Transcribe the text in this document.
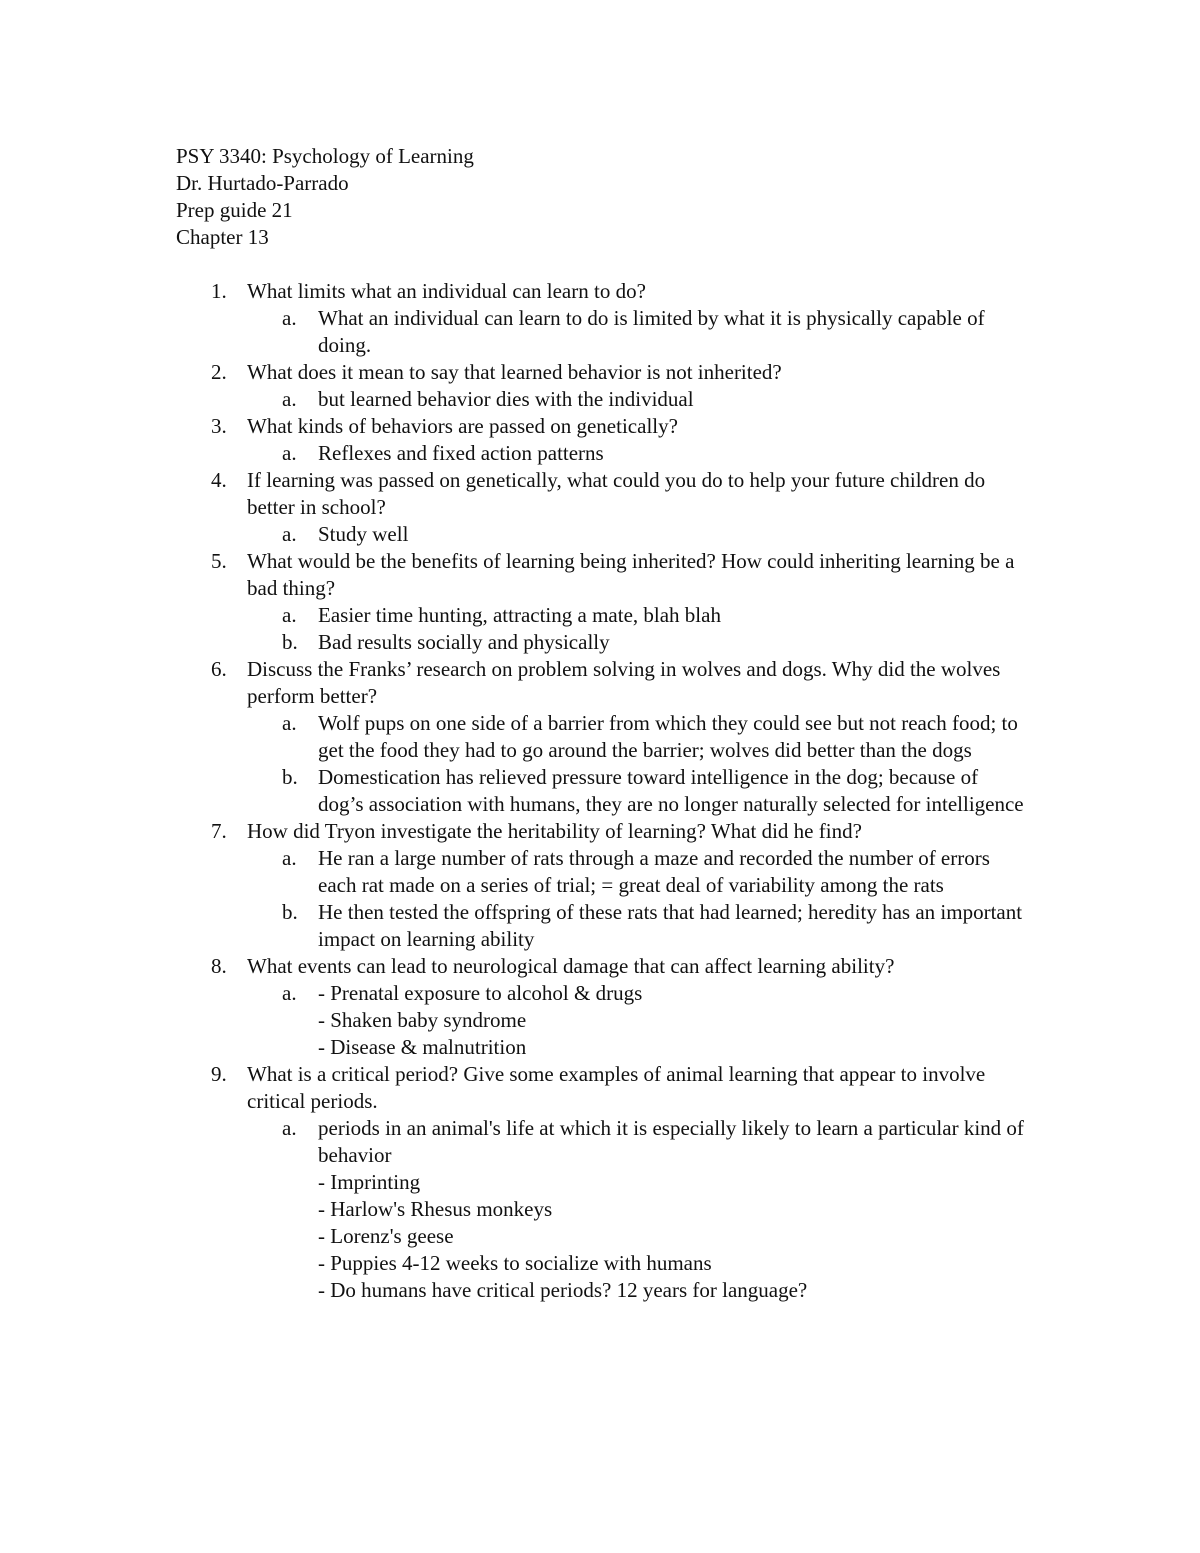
PSY 3340: Psychology of Learning
Dr. Hurtado-Parrado
Prep guide 21
Chapter 13
1. What limits what an individual can learn to do?
a.	What an individual can learn to do is limited by what it is physically capable of doing.
2. What does it mean to say that learned behavior is not inherited?
a.	but learned behavior dies with the individual
3. What kinds of behaviors are passed on genetically?
a.	Reflexes and fixed action patterns
4. If learning was passed on genetically, what could you do to help your future children do better in school?
a.	Study well
5. What would be the benefits of learning being inherited? How could inheriting learning be a bad thing?
a.	Easier time hunting, attracting a mate, blah blah
b. Bad results socially and physically
6. Discuss the Franks’ research on problem solving in wolves and dogs. Why did the wolves perform better?
a.	Wolf pups on one side of a barrier from which they could see but not reach food; to get the food they had to go around the barrier; wolves did better than the dogs
b. Domestication has relieved pressure toward intelligence in the dog; because of dog’s association with humans, they are no longer naturally selected for intelligence
7. How did Tryon investigate the heritability of learning? What did he find?
a.	He ran a large number of rats through a maze and recorded the number of errors each rat made on a series of trial; = great deal of variability among the rats
b. He then tested the offspring of these rats that had learned; heredity has an important impact on learning ability
8. What events can lead to neurological damage that can affect learning ability?
a.	- Prenatal exposure to alcohol & drugs
- Shaken baby syndrome
- Disease & malnutrition
9. What is a critical period? Give some examples of animal learning that appear to involve critical periods.
a.	periods in an animal's life at which it is especially likely to learn a particular kind of behavior
- Imprinting
- Harlow's Rhesus monkeys
- Lorenz's geese
- Puppies 4-12 weeks to socialize with humans
- Do humans have critical periods? 12 years for language?
